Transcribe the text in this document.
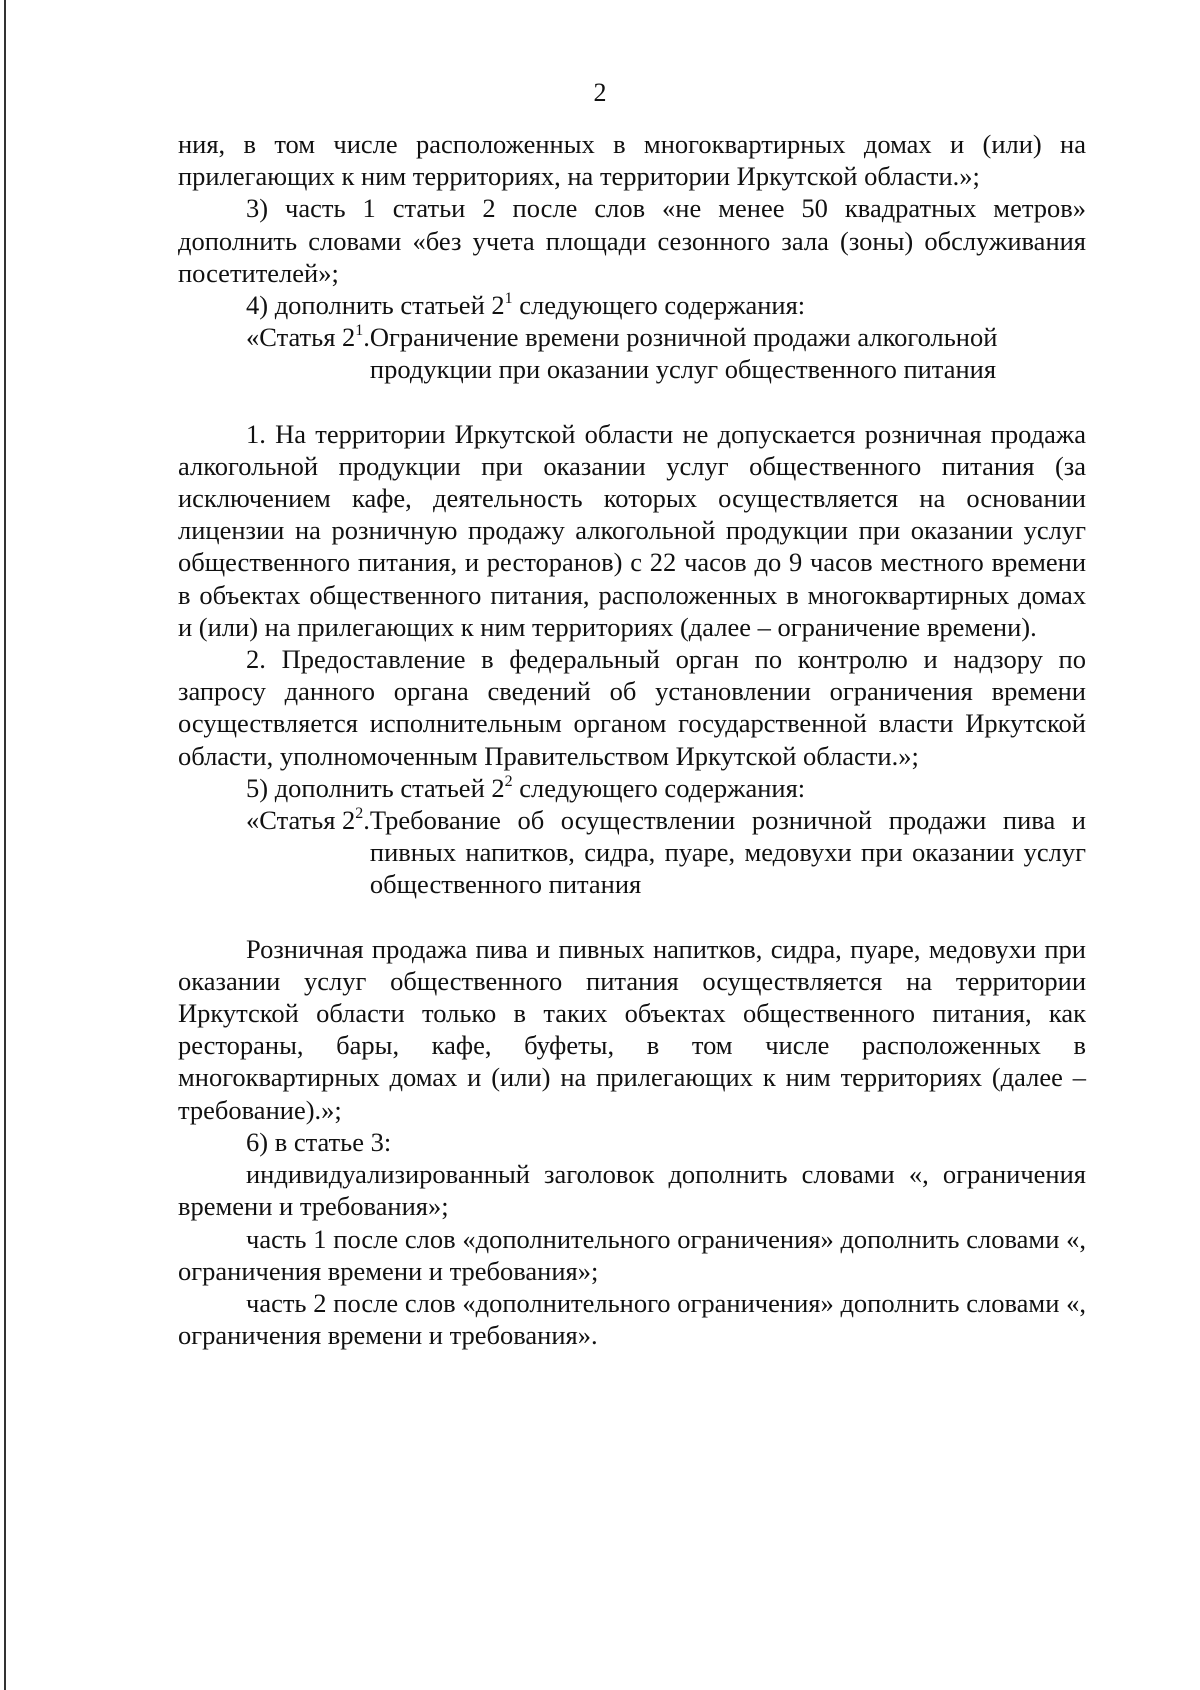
2

ния, в том числе расположенных в многоквартирных домах и (или) на прилегающих к ним территориях, на территории Иркутской области.»;

3) часть 1 статьи 2 после слов «не менее 50 квадратных метров» дополнить словами «без учета площади сезонного зала (зоны) обслуживания посетителей»;

4) дополнить статьей $2^1$ следующего содержания:

«Статья $2^1$. Ограничение времени розничной продажи алкогольной продукции при оказании услуг общественного питания

1. На территории Иркутской области не допускается розничная продажа алкогольной продукции при оказании услуг общественного питания (за исключением кафе, деятельность которых осуществляется на основании лицензии на розничную продажу алкогольной продукции при оказании услуг общественного питания, и ресторанов) с 22 часов до 9 часов местного времени в объектах общественного питания, расположенных в многоквартирных домах и (или) на прилегающих к ним территориях (далее – ограничение времени).

2. Предоставление в федеральный орган по контролю и надзору по запросу данного органа сведений об установлении ограничения времени осуществляется исполнительным органом государственной власти Иркутской области, уполномоченным Правительством Иркутской области.»;

5) дополнить статьей $2^2$ следующего содержания:

«Статья $2^2$. Требование об осуществлении розничной продажи пива и пивных напитков, сидра, пуаре, медовухи при оказании услуг общественного питания

Розничная продажа пива и пивных напитков, сидра, пуаре, медовухи при оказании услуг общественного питания осуществляется на территории Иркутской области только в таких объектах общественного питания, как рестораны, бары, кафе, буфеты, в том числе расположенных в многоквартирных домах и (или) на прилегающих к ним территориях (далее – требование).»;

6) в статье 3:

индивидуализированный заголовок дополнить словами «, ограничения времени и требования»;

часть 1 после слов «дополнительного ограничения» дополнить словами «, ограничения времени и требования»;

часть 2 после слов «дополнительного ограничения» дополнить словами «, ограничения времени и требования».
